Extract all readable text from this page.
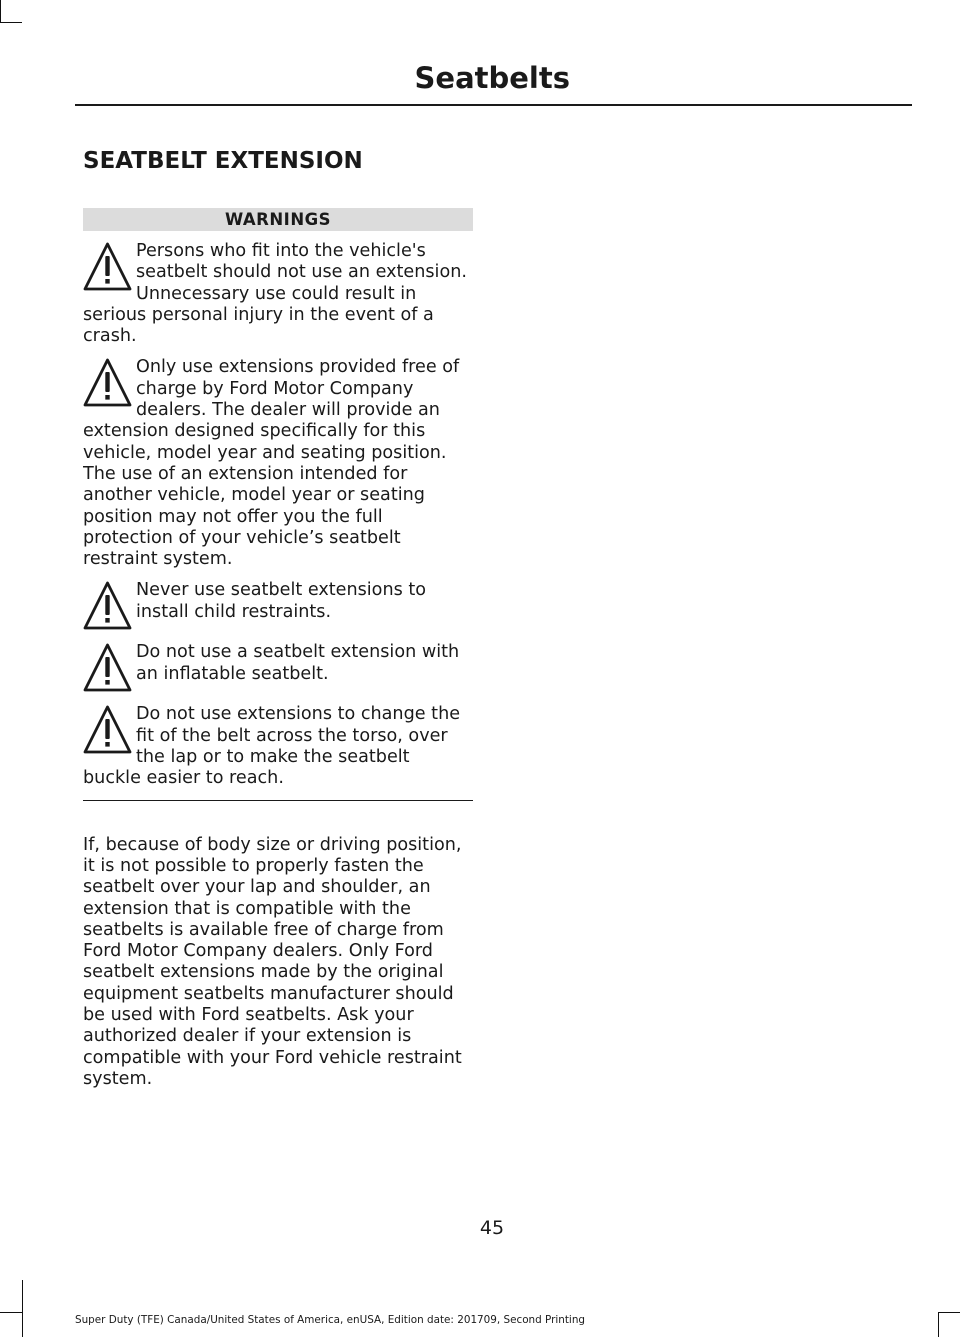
Seatbelts
SEATBELT EXTENSION
WARNINGS
Persons who fit into the vehicle's seatbelt should not use an extension. Unnecessary use could result in serious personal injury in the event of a crash.
Only use extensions provided free of charge by Ford Motor Company dealers. The dealer will provide an extension designed specifically for this vehicle, model year and seating position. The use of an extension intended for another vehicle, model year or seating position may not offer you the full protection of your vehicle’s seatbelt restraint system.
Never use seatbelt extensions to install child restraints.
Do not use a seatbelt extension with an inflatable seatbelt.
Do not use extensions to change the fit of the belt across the torso, over the lap or to make the seatbelt buckle easier to reach.

If, because of body size or driving position, it is not possible to properly fasten the seatbelt over your lap and shoulder, an extension that is compatible with the seatbelts is available free of charge from Ford Motor Company dealers. Only Ford seatbelt extensions made by the original equipment seatbelts manufacturer should be used with Ford seatbelts. Ask your authorized dealer if your extension is compatible with your Ford vehicle restraint system.

45
Super Duty (TFE) Canada/United States of America, enUSA, Edition date: 201709, Second Printing
